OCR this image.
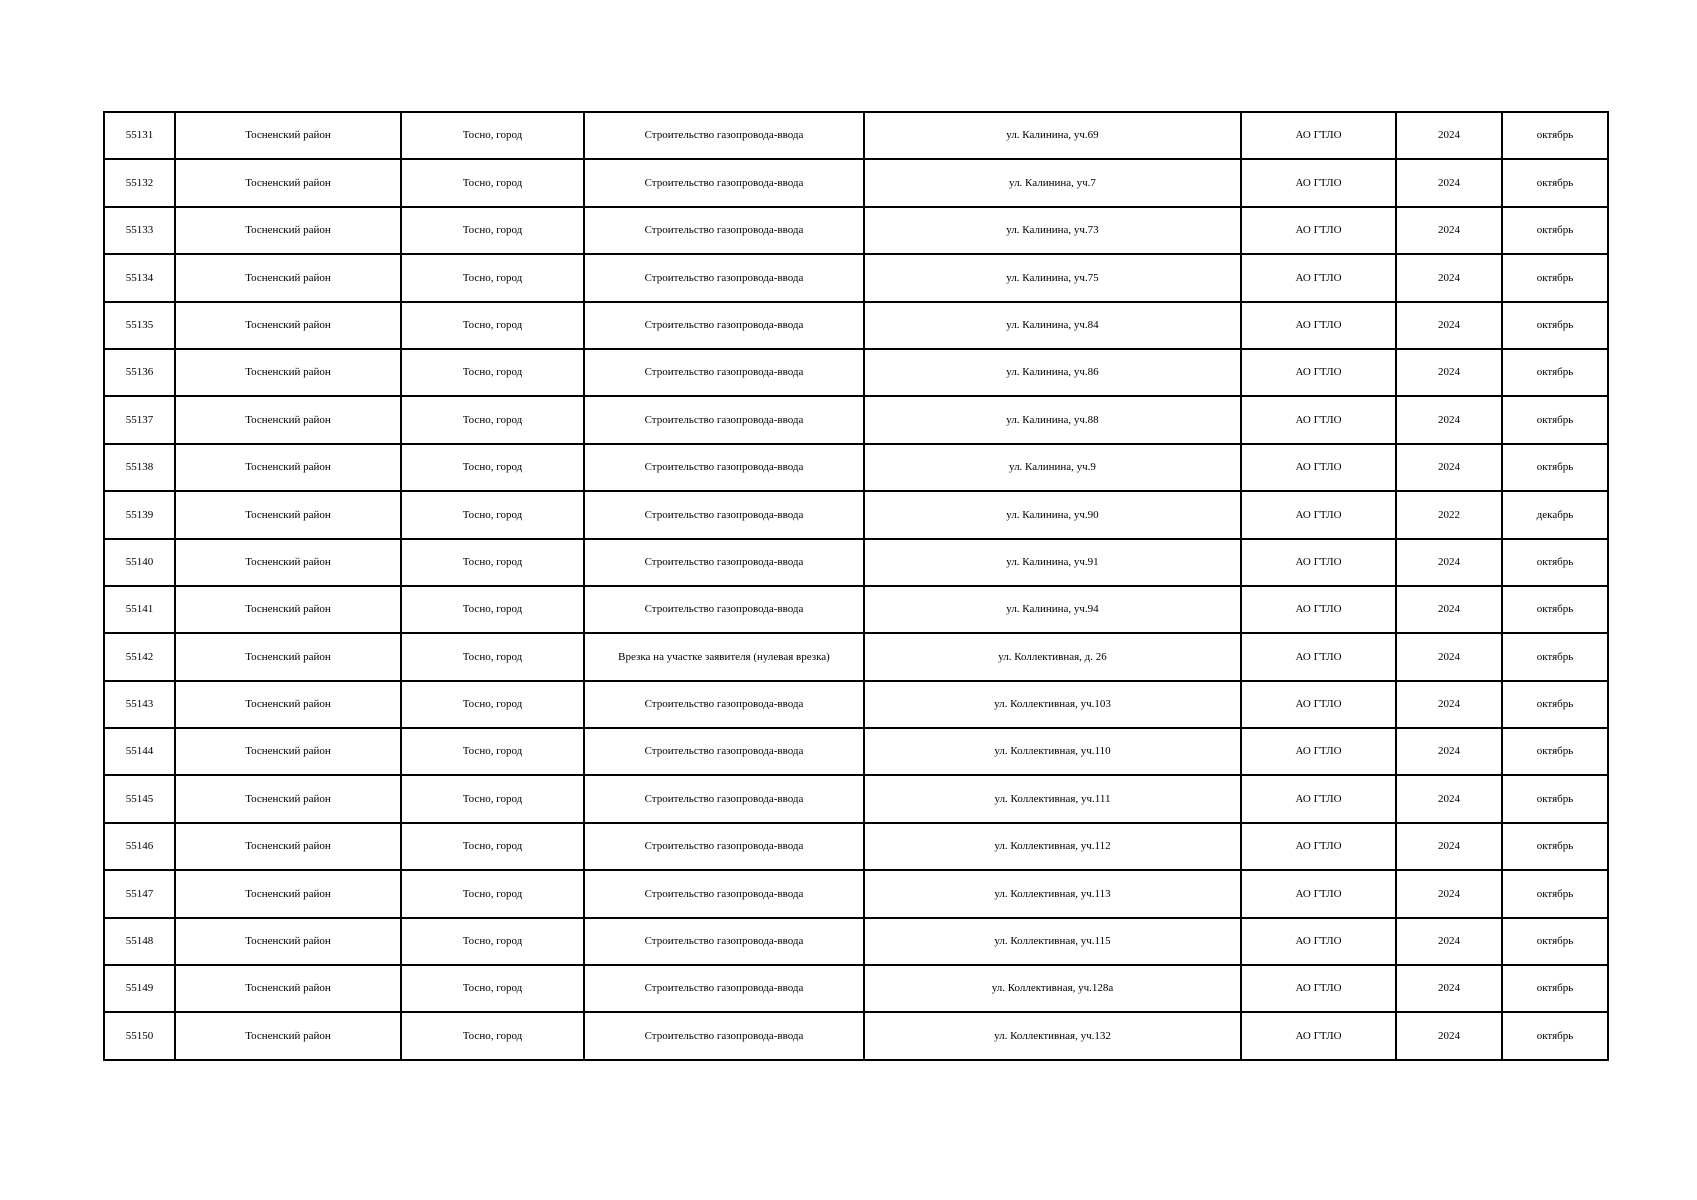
55131	Тосненский район	Тосно, город	Строительство газопровода-ввода	ул. Калинина, уч.69	АО ГТЛО	2024	октябрь
55132	Тосненский район	Тосно, город	Строительство газопровода-ввода	ул. Калинина, уч.7	АО ГТЛО	2024	октябрь
55133	Тосненский район	Тосно, город	Строительство газопровода-ввода	ул. Калинина, уч.73	АО ГТЛО	2024	октябрь
55134	Тосненский район	Тосно, город	Строительство газопровода-ввода	ул. Калинина, уч.75	АО ГТЛО	2024	октябрь
55135	Тосненский район	Тосно, город	Строительство газопровода-ввода	ул. Калинина, уч.84	АО ГТЛО	2024	октябрь
55136	Тосненский район	Тосно, город	Строительство газопровода-ввода	ул. Калинина, уч.86	АО ГТЛО	2024	октябрь
55137	Тосненский район	Тосно, город	Строительство газопровода-ввода	ул. Калинина, уч.88	АО ГТЛО	2024	октябрь
55138	Тосненский район	Тосно, город	Строительство газопровода-ввода	ул. Калинина, уч.9	АО ГТЛО	2024	октябрь
55139	Тосненский район	Тосно, город	Строительство газопровода-ввода	ул. Калинина, уч.90	АО ГТЛО	2022	декабрь
55140	Тосненский район	Тосно, город	Строительство газопровода-ввода	ул. Калинина, уч.91	АО ГТЛО	2024	октябрь
55141	Тосненский район	Тосно, город	Строительство газопровода-ввода	ул. Калинина, уч.94	АО ГТЛО	2024	октябрь
55142	Тосненский район	Тосно, город	Врезка на участке заявителя (нулевая врезка)	ул. Коллективная, д. 26	АО ГТЛО	2024	октябрь
55143	Тосненский район	Тосно, город	Строительство газопровода-ввода	ул. Коллективная, уч.103	АО ГТЛО	2024	октябрь
55144	Тосненский район	Тосно, город	Строительство газопровода-ввода	ул. Коллективная, уч.110	АО ГТЛО	2024	октябрь
55145	Тосненский район	Тосно, город	Строительство газопровода-ввода	ул. Коллективная, уч.111	АО ГТЛО	2024	октябрь
55146	Тосненский район	Тосно, город	Строительство газопровода-ввода	ул. Коллективная, уч.112	АО ГТЛО	2024	октябрь
55147	Тосненский район	Тосно, город	Строительство газопровода-ввода	ул. Коллективная, уч.113	АО ГТЛО	2024	октябрь
55148	Тосненский район	Тосно, город	Строительство газопровода-ввода	ул. Коллективная, уч.115	АО ГТЛО	2024	октябрь
55149	Тосненский район	Тосно, город	Строительство газопровода-ввода	ул. Коллективная, уч.128а	АО ГТЛО	2024	октябрь
55150	Тосненский район	Тосно, город	Строительство газопровода-ввода	ул. Коллективная, уч.132	АО ГТЛО	2024	октябрь
